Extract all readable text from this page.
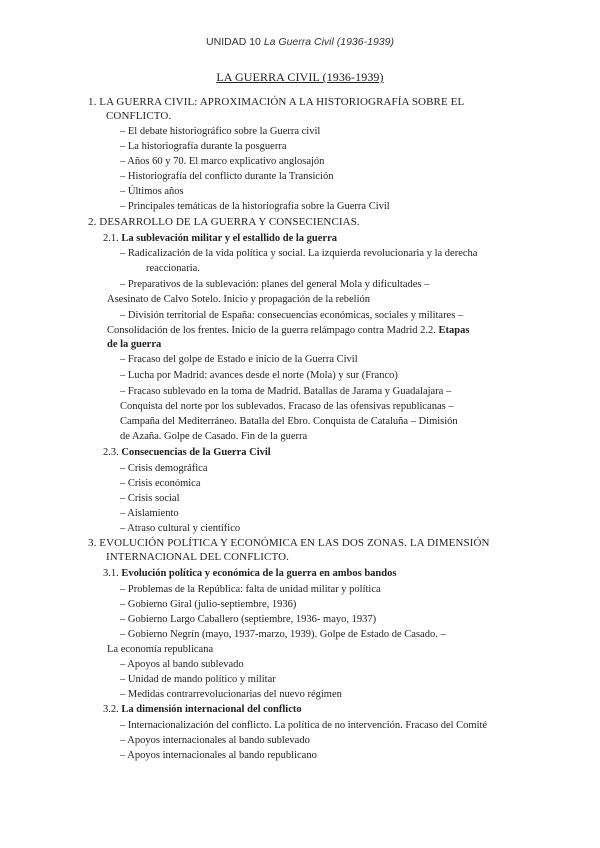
UNIDAD 10 La Guerra Civil (1936-1939)
LA GUERRA CIVIL (1936-1939)
1. LA GUERRA CIVIL: APROXIMACIÓN A LA HISTORIOGRAFÍA SOBRE EL
CONFLICTO.
– El debate historiográfico sobre la Guerra civil
– La historiografía durante la posguerra
– Años 60 y 70. El marco explicativo anglosajón
– Historiografía del conflicto durante la Transición
– Últimos años
– Principales temáticas de la historiografía sobre la Guerra Civil
2. DESARROLLO DE LA GUERRA Y CONSECIENCIAS.
2.1. La sublevación militar y el estallido de la guerra
– Radicalización de la vida política y social. La izquierda revolucionaria y la derecha
reaccionaria.
– Preparativos de la sublevación: planes del general Mola y dificultades –
Asesinato de Calvo Sotelo. Inicio y propagación de la rebelión
– División territorial de España: consecuencias económicas, sociales y militares –
Consolidación de los frentes. Inicio de la guerra relámpago contra Madrid 2.2. Etapas
de la guerra
– Fracaso del golpe de Estado e inicio de la Guerra Civil
– Lucha por Madrid: avances desde el norte (Mola) y sur (Franco)
– Fracaso sublevado en la toma de Madrid. Batallas de Jarama y Guadalajara –
Conquista del norte por los sublevados. Fracaso de las ofensivas republicanas –
Campaña del Mediterráneo. Batalla del Ebro. Conquista de Cataluña – Dimisión
de Azaña. Golpe de Casado. Fin de la guerra
2.3. Consecuencias de la Guerra Civil
– Crisis demográfica
– Crisis económica
– Crisis social
– Aislamiento
– Atraso cultural y científico
3. EVOLUCIÓN POLÍTICA Y ECONÓMICA EN LAS DOS ZONAS. LA DIMENSIÓN
INTERNACIONAL DEL CONFLICTO.
3.1. Evolución política y económica de la guerra en ambos bandos
– Problemas de la República: falta de unidad militar y política
– Gobierno Giral (julio-septiembre, 1936)
– Gobierno Largo Caballero (septiembre, 1936- mayo, 1937)
– Gobierno Negrín (mayo, 1937-marzo, 1939). Golpe de Estado de Casado. –
La economía republicana
– Apoyos al bando sublevado
– Unidad de mando político y militar
– Medidas contrarrevolucionarias del nuevo régimen
3.2. La dimensión internacional del conflicto
– Internacionalización del conflicto. La política de no intervención. Fracaso del Comité
– Apoyos internacionales al bando sublevado
– Apoyos internacionales al bando republicano
